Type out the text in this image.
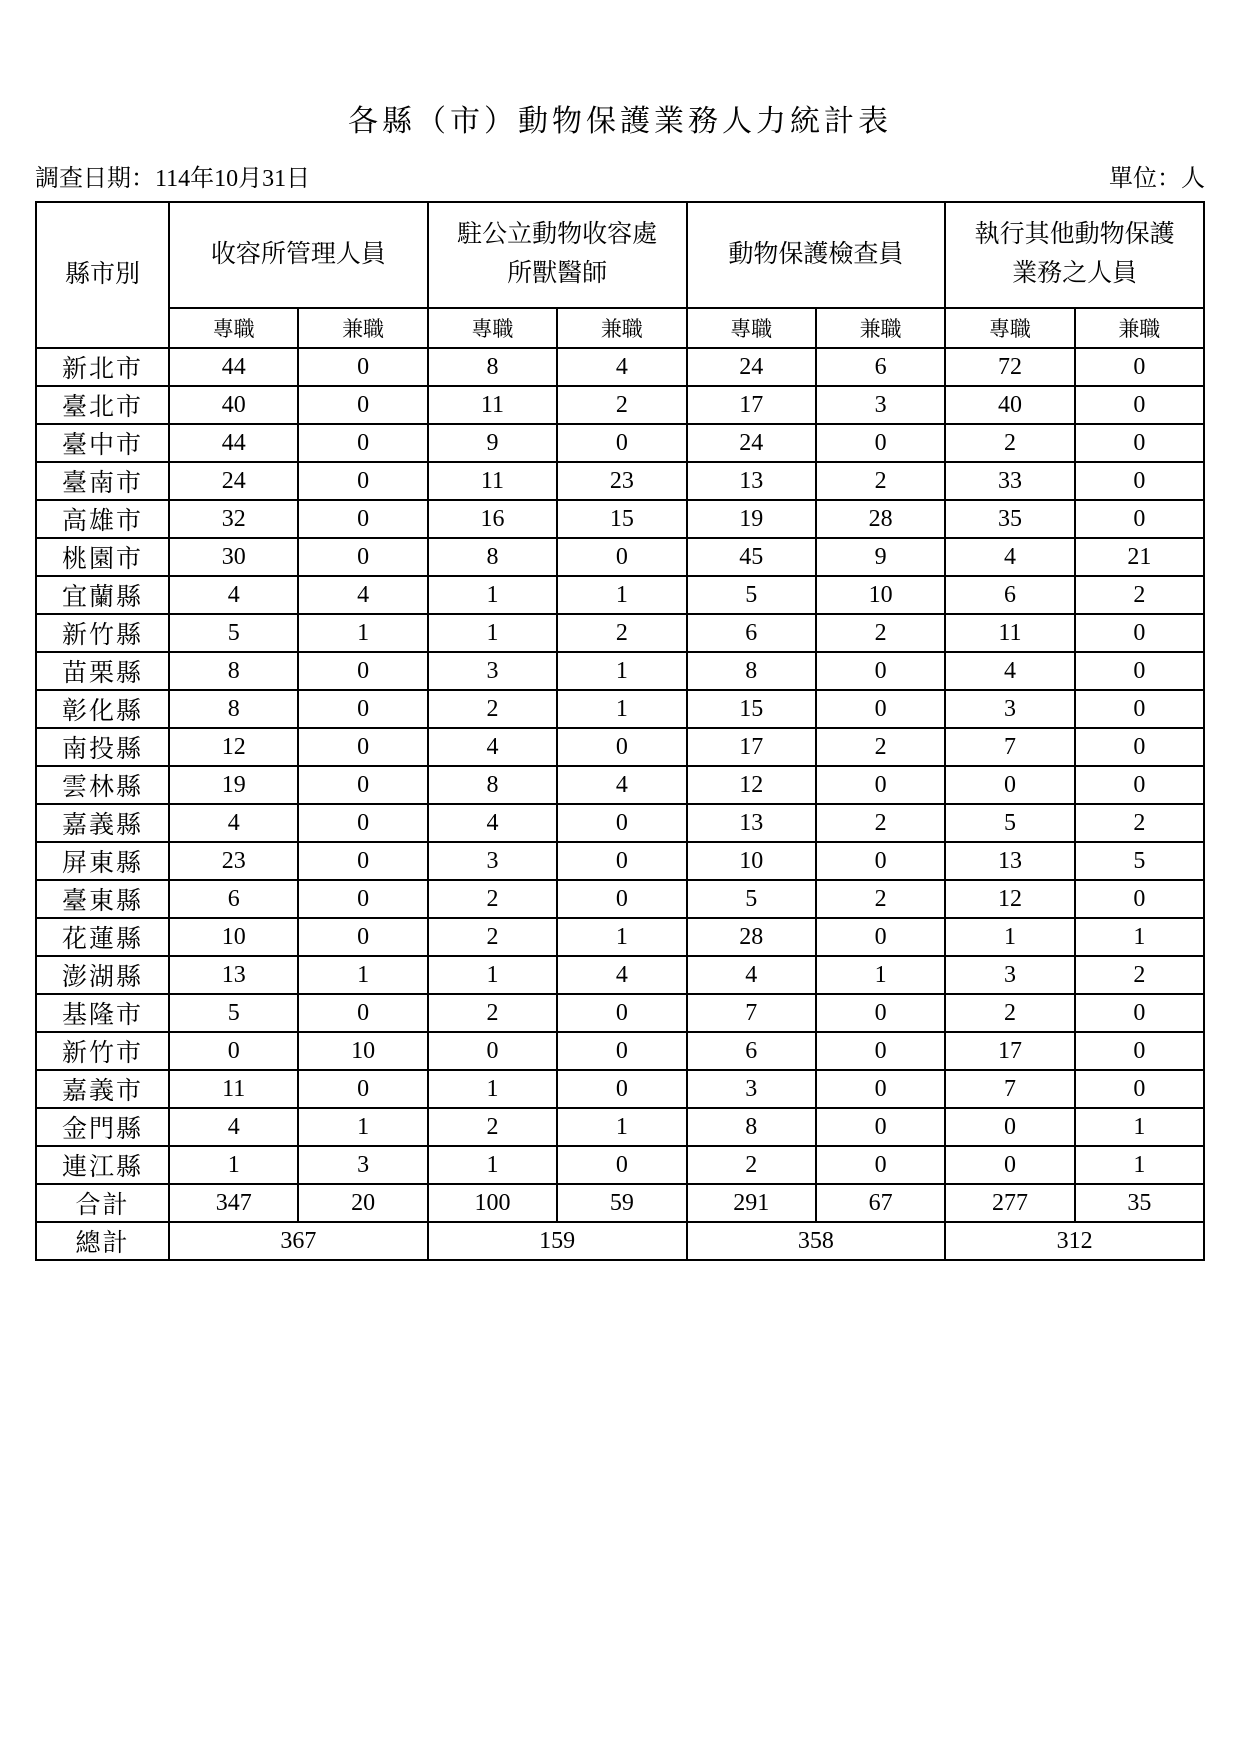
各縣（市）動物保護業務人力統計表
調查日期：114年10月31日	單位：人
縣市別	收容所管理人員		駐公立動物收容處所獸醫師		動物保護檢查員		執行其他動物保護業務之人員	
	專職	兼職	專職	兼職	專職	兼職	專職	兼職
新北市	44	0	8	4	24	6	72	0
臺北市	40	0	11	2	17	3	40	0
臺中市	44	0	9	0	24	0	2	0
臺南市	24	0	11	23	13	2	33	0
高雄市	32	0	16	15	19	28	35	0
桃園市	30	0	8	0	45	9	4	21
宜蘭縣	4	4	1	1	5	10	6	2
新竹縣	5	1	1	2	6	2	11	0
苗栗縣	8	0	3	1	8	0	4	0
彰化縣	8	0	2	1	15	0	3	0
南投縣	12	0	4	0	17	2	7	0
雲林縣	19	0	8	4	12	0	0	0
嘉義縣	4	0	4	0	13	2	5	2
屏東縣	23	0	3	0	10	0	13	5
臺東縣	6	0	2	0	5	2	12	0
花蓮縣	10	0	2	1	28	0	1	1
澎湖縣	13	1	1	4	4	1	3	2
基隆市	5	0	2	0	7	0	2	0
新竹市	0	10	0	0	6	0	17	0
嘉義市	11	0	1	0	3	0	7	0
金門縣	4	1	2	1	8	0	0	1
連江縣	1	3	1	0	2	0	0	1
合計	347	20	100	59	291	67	277	35
總計	367		159		358		312	
